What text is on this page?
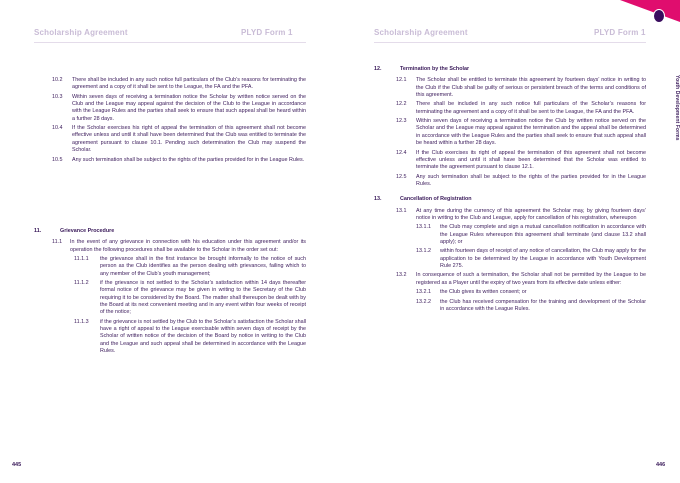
Scholarship Agreement	PLYD Form 1
10.2	There shall be included in any such notice full particulars of the Club’s reasons for terminating the agreement and a copy of it shall be sent to the League, the FA and the PFA.
10.3	Within seven days of receiving a termination notice the Scholar by written notice served on the Club and the League may appeal against the decision of the Club to the League in accordance with the League Rules and the parties shall seek to ensure that such appeal shall be heard within a further 28 days.
10.4	If the Scholar exercises his right of appeal the termination of this agreement shall not become effective unless and until it shall have been determined that the Club was entitled to terminate the agreement pursuant to clause 10.1. Pending such determination the Club may suspend the Scholar.
10.5	Any such termination shall be subject to the rights of the parties provided for in the League Rules.
11.	Grievance Procedure
11.1	In the event of any grievance in connection with his education under this agreement and/or its operation the following procedures shall be available to the Scholar in the order set out:
11.1.1	the grievance shall in the first instance be brought informally to the notice of such person as the Club identifies as the person dealing with grievances, failing which to any member of the Club’s youth management;
11.1.2	if the grievance is not settled to the Scholar’s satisfaction within 14 days thereafter formal notice of the grievance may be given in writing to the Secretary of the Club requiring it to be considered by the Board. The matter shall thereupon be dealt with by the Board at its next convenient meeting and in any event within four weeks of receipt of the notice;
11.1.3	if the grievance is not settled by the Club to the Scholar’s satisfaction the Scholar shall have a right of appeal to the League exercisable within seven days of receipt by the Scholar of written notice of the decision of the Board by notice in writing to the Club and the League and such appeal shall be determined in accordance with the League Rules.
445
Scholarship Agreement	PLYD Form 1
Youth Development Forms
12.	Termination by the Scholar
12.1	The Scholar shall be entitled to terminate this agreement by fourteen days’ notice in writing to the Club if the Club shall be guilty of serious or persistent breach of the terms and conditions of this agreement.
12.2	There shall be included in any such notice full particulars of the Scholar’s reasons for terminating the agreement and a copy of it shall be sent to the League, the FA and the PFA.
12.3	Within seven days of receiving a termination notice the Club by written notice served on the Scholar and the League may appeal against the termination and the appeal shall be determined in accordance with the League Rules and the parties shall seek to ensure that such appeal shall be heard within a further 28 days.
12.4	If the Club exercises its right of appeal the termination of this agreement shall not become effective unless and until it shall have been determined that the Scholar was entitled to terminate the agreement pursuant to clause 12.1.
12.5	Any such termination shall be subject to the rights of the parties provided for in the League Rules.
13.	Cancellation of Registration
13.1	At any time during the currency of this agreement the Scholar may, by giving fourteen days’ notice in writing to the Club and League, apply for cancellation of his registration, whereupon
13.1.1	the Club may complete and sign a mutual cancellation notification in accordance with the League Rules whereupon this agreement shall terminate (and clause 13.2 shall apply); or
13.1.2	within fourteen days of receipt of any notice of cancellation, the Club may apply for the application to be determined by the League in accordance with Youth Development Rule 275.
13.2	In consequence of such a termination, the Scholar shall not be permitted by the League to be registered as a Player until the expiry of two years from its effective date unless either:
13.2.1	the Club gives its written consent; or
13.2.2	the Club has received compensation for the training and development of the Scholar in accordance with the League Rules.
446
